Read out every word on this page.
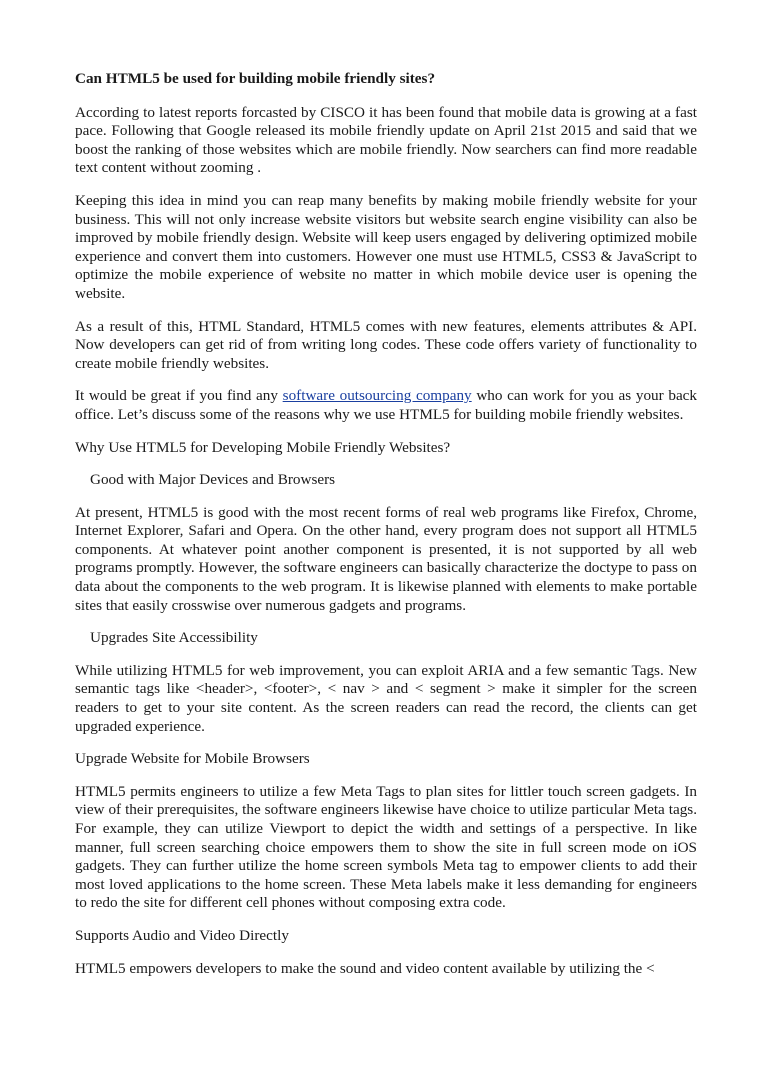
Can HTML5 be used for building mobile friendly sites?

According to latest reports forcasted by CISCO it has been found that mobile data is growing at a fast pace. Following that Google released its mobile friendly update on April 21st 2015 and said that we boost the ranking of those websites which are mobile friendly. Now searchers can find more readable text content without zooming .

Keeping this idea in mind you can reap many benefits by making mobile friendly website for your business. This will not only increase website visitors but website search engine visibility can also be improved by mobile friendly design. Website will keep users engaged by delivering optimized mobile experience and convert them into customers. However one must use HTML5, CSS3 & JavaScript to optimize the mobile experience of website no matter in which mobile device user is opening the website.

As a result of this, HTML Standard, HTML5 comes with new features, elements attributes & API. Now developers can get rid of from writing long codes. These code offers variety of functionality to create mobile friendly websites.

It would be great if you find any software outsourcing company who can work for you as your back office. Let’s discuss some of the reasons why we use HTML5 for building mobile friendly websites.

Why Use HTML5 for Developing Mobile Friendly Websites?
Good with Major Devices and Browsers

At present, HTML5 is good with the most recent forms of real web programs like Firefox, Chrome, Internet Explorer, Safari and Opera. On the other hand, every program does not support all HTML5 components. At whatever point another component is presented, it is not supported by all web programs promptly. However, the software engineers can basically characterize the doctype to pass on data about the components to the web program. It is likewise planned with elements to make portable sites that easily crosswise over numerous gadgets and programs.

Upgrades Site Accessibility

While utilizing HTML5 for web improvement, you can exploit ARIA and a few semantic Tags. New semantic tags like <header>, <footer>, < nav > and < segment > make it simpler for the screen readers to get to your site content. As the screen readers can read the record, the clients can get upgraded experience.

Upgrade Website for Mobile Browsers

HTML5 permits engineers to utilize a few Meta Tags to plan sites for littler touch screen gadgets. In view of their prerequisites, the software engineers likewise have choice to utilize particular Meta tags. For example, they can utilize Viewport to depict the width and settings of a perspective. In like manner, full screen searching choice empowers them to show the site in full screen mode on iOS gadgets. They can further utilize the home screen symbols Meta tag to empower clients to add their most loved applications to the home screen. These Meta labels make it less demanding for engineers to redo the site for different cell phones without composing extra code.

Supports Audio and Video Directly

HTML5 empowers developers to make the sound and video content available by utilizing the <
